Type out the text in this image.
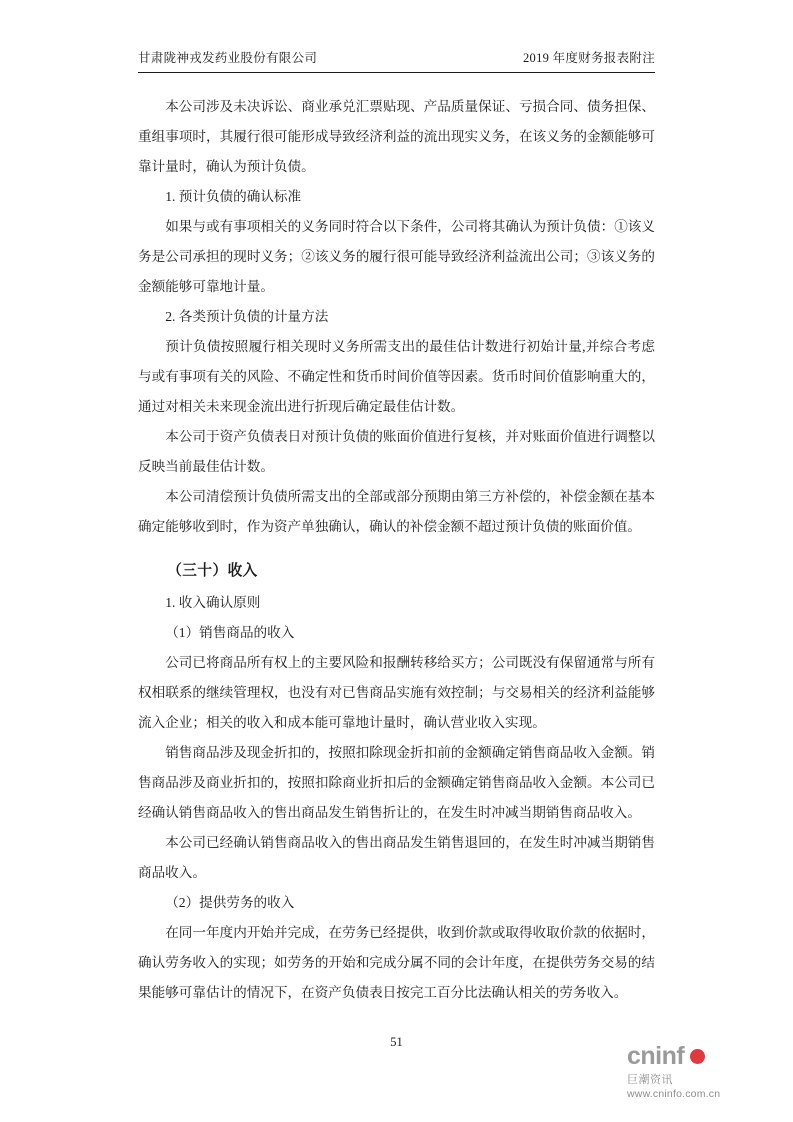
甘肃陇神戎发药业股份有限公司	2019 年度财务报表附注

本公司涉及未决诉讼、商业承兑汇票贴现、产品质量保证、亏损合同、债务担保、重组事项时，其履行很可能形成导致经济利益的流出现实义务，在该义务的金额能够可靠计量时，确认为预计负债。

1. 预计负债的确认标准

如果与或有事项相关的义务同时符合以下条件，公司将其确认为预计负债：①该义务是公司承担的现时义务；②该义务的履行很可能导致经济利益流出公司；③该义务的金额能够可靠地计量。

2. 各类预计负债的计量方法

预计负债按照履行相关现时义务所需支出的最佳估计数进行初始计量,并综合考虑与或有事项有关的风险、不确定性和货币时间价值等因素。货币时间价值影响重大的，通过对相关未来现金流出进行折现后确定最佳估计数。

本公司于资产负债表日对预计负债的账面价值进行复核，并对账面价值进行调整以反映当前最佳估计数。

本公司清偿预计负债所需支出的全部或部分预期由第三方补偿的，补偿金额在基本确定能够收到时，作为资产单独确认，确认的补偿金额不超过预计负债的账面价值。

（三十）收入

1. 收入确认原则

（1）销售商品的收入

公司已将商品所有权上的主要风险和报酬转移给买方；公司既没有保留通常与所有权相联系的继续管理权，也没有对已售商品实施有效控制；与交易相关的经济利益能够流入企业；相关的收入和成本能可靠地计量时，确认营业收入实现。

销售商品涉及现金折扣的，按照扣除现金折扣前的金额确定销售商品收入金额。销售商品涉及商业折扣的，按照扣除商业折扣后的金额确定销售商品收入金额。本公司已经确认销售商品收入的售出商品发生销售折让的，在发生时冲减当期销售商品收入。

本公司已经确认销售商品收入的售出商品发生销售退回的，在发生时冲减当期销售商品收入。

（2）提供劳务的收入

在同一年度内开始并完成，在劳务已经提供，收到价款或取得收取价款的依据时，确认劳务收入的实现；如劳务的开始和完成分属不同的会计年度，在提供劳务交易的结果能够可靠估计的情况下，在资产负债表日按完工百分比法确认相关的劳务收入。

51	cninf
巨潮资讯
www.cninfo.com.cn
